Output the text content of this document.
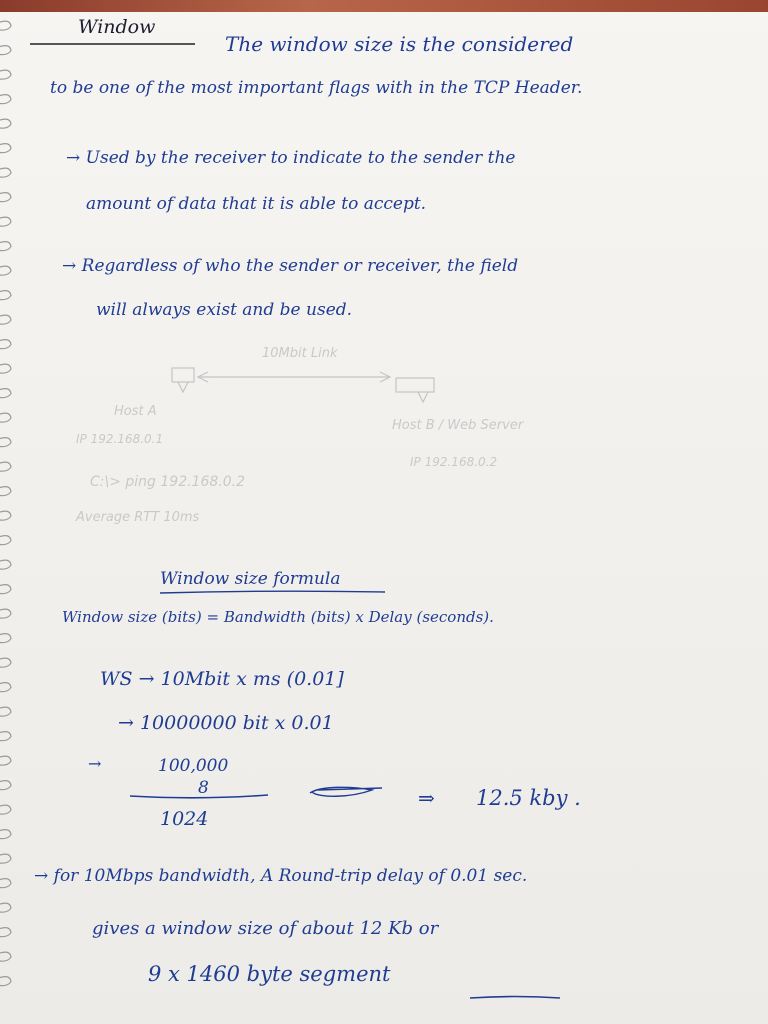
Window
The window size is the considered
to be one of the most important flags with in the TCP Header.
→ Used by the receiver to indicate to the sender the
amount of data that it is able to accept.
→ Regardless of who the sender or receiver, the field
will always exist and be used.
10Mbit Link
Host A
IP 192.168.0.1
Host B / Web Server
IP 192.168.0.2
C:\> ping 192.168.0.2
Average RTT 10ms
Window size formula
Window size (bits) = Bandwidth (bits) x Delay (seconds).
WS → 10Mbit x ms (0.01]
→ 10000000 bit x 0.01
→	100,000
8
1024
⇒ 12.5 kby .
→ for 10Mbps bandwidth, A Round-trip delay of 0.01 sec.
gives a window size of about 12 Kb or
9 x 1460 byte segment
